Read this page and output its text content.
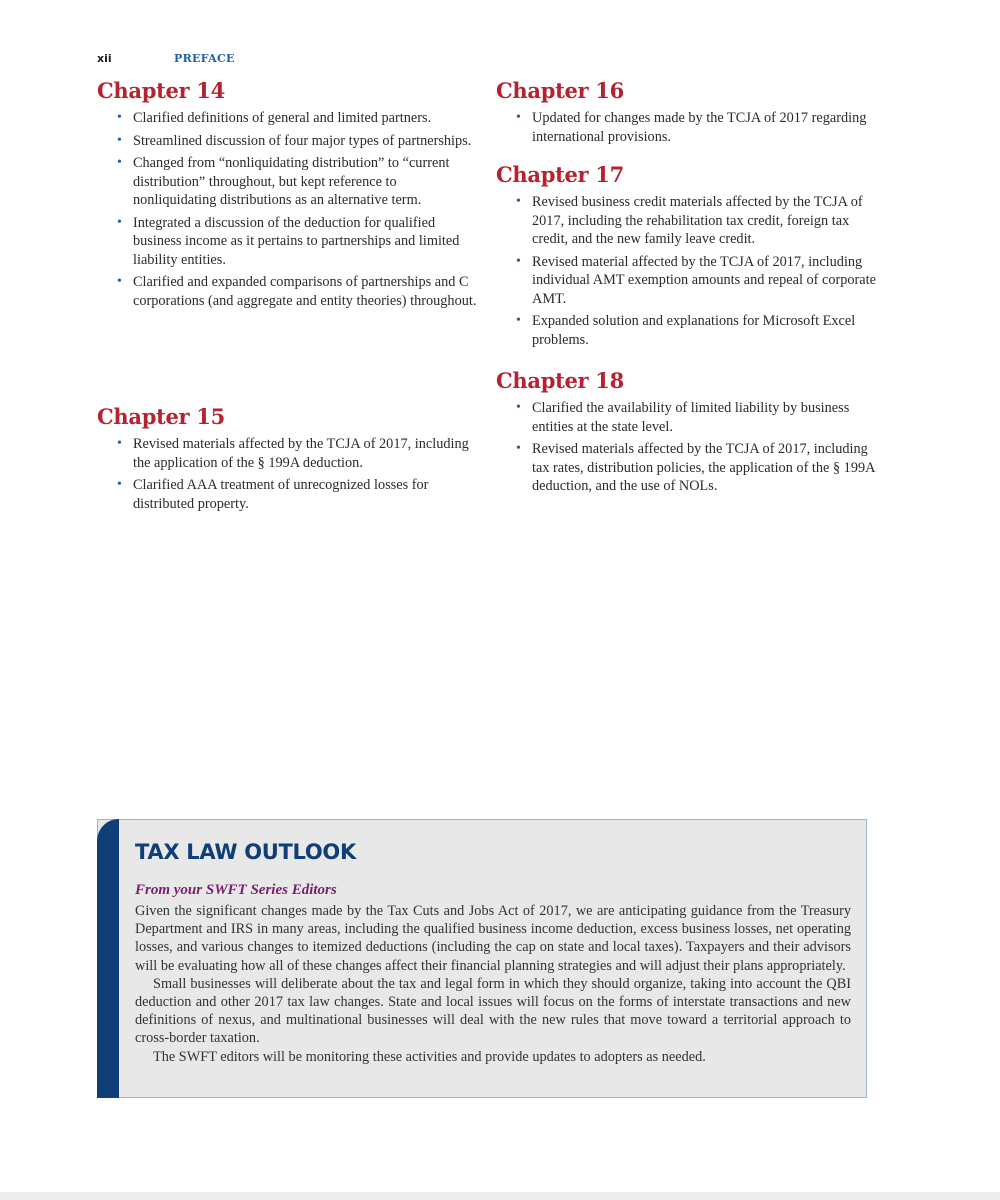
xii	PREFACE
Chapter 14
• Clarified definitions of general and limited partners.
• Streamlined discussion of four major types of partnerships.
• Changed from “nonliquidating distribution” to “current distribution” throughout, but kept reference to nonliquidating distributions as an alternative term.
• Integrated a discussion of the deduction for qualified business income as it pertains to partnerships and limited liability entities.
• Clarified and expanded comparisons of partnerships and C corporations (and aggregate and entity theories) throughout.
Chapter 15
• Revised materials affected by the TCJA of 2017, including the application of the § 199A deduction.
• Clarified AAA treatment of unrecognized losses for distributed property.
Chapter 16
• Updated for changes made by the TCJA of 2017 regarding international provisions.
Chapter 17
• Revised business credit materials affected by the TCJA of 2017, including the rehabilitation tax credit, foreign tax credit, and the new family leave credit.
• Revised material affected by the TCJA of 2017, including individual AMT exemption amounts and repeal of corporate AMT.
• Expanded solution and explanations for Microsoft Excel problems.
Chapter 18
• Clarified the availability of limited liability by business entities at the state level.
• Revised materials affected by the TCJA of 2017, including tax rates, distribution policies, the application of the § 199A deduction, and the use of NOLs.
TAX LAW OUTLOOK
From your SWFT Series Editors

Given the significant changes made by the Tax Cuts and Jobs Act of 2017, we are anticipating guidance from the Treasury Department and IRS in many areas, including the qualified business income deduction, excess business losses, net operating losses, and various changes to itemized deductions (including the cap on state and local taxes). Taxpayers and their advisors will be evaluating how all of these changes affect their financial planning strategies and will adjust their plans appropriately.

Small businesses will deliberate about the tax and legal form in which they should organize, taking into account the QBI deduction and other 2017 tax law changes. State and local issues will focus on the forms of interstate transactions and new definitions of nexus, and multinational businesses will deal with the new rules that move toward a territorial approach to cross-border taxation.

The SWFT editors will be monitoring these activities and provide updates to adopters as needed.
